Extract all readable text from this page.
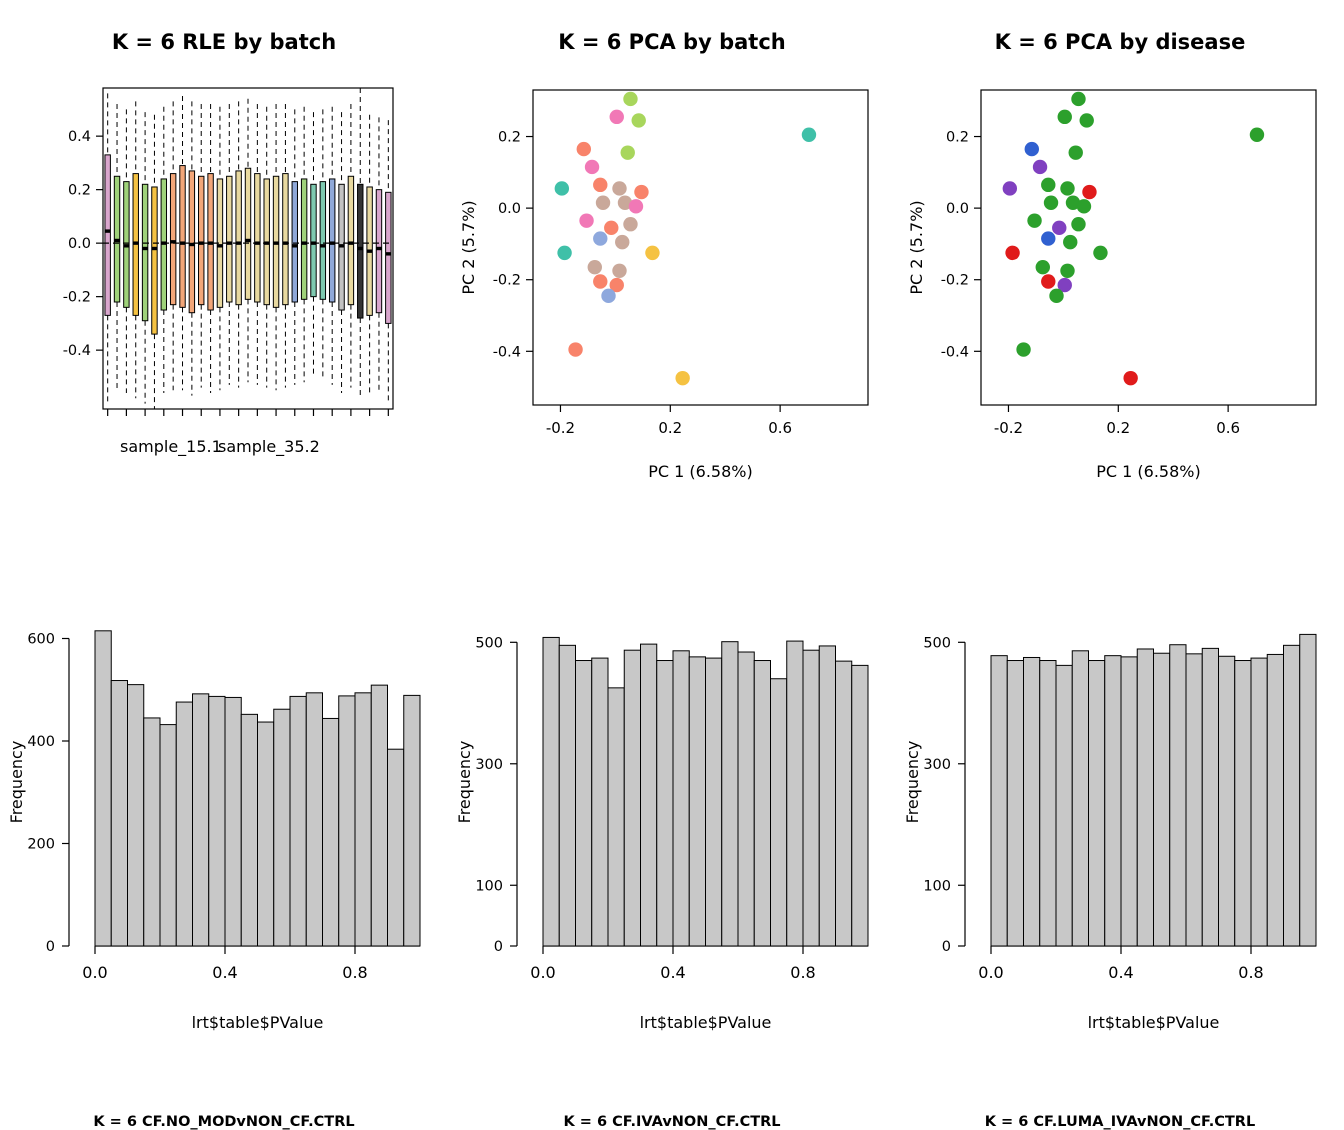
K = 6 RLE by batch
-0.4
-0.2
0.0
0.2
0.4
sample_15.1
sample_35.2
K = 6 PCA by batch
-0.4
-0.2
0.0
0.2
-0.2	0.2	0.6
PC 1 (6.58%)
PC 2 (5.7%)
K = 6 PCA by disease
-0.4
-0.2
0.0
0.2
-0.2	0.2	0.6
PC 1 (6.58%)
PC 2 (5.7%)
K = 6 CF.NO_MODvNON_CF.CTRL
0
200
400
600
0.0	0.4	0.8
lrt$table$PValue
Frequency
K = 6 CF.IVAvNON_CF.CTRL
0
100
300
500
0.0	0.4	0.8
lrt$table$PValue
Frequency
K = 6 CF.LUMA_IVAvNON_CF.CTRL
0
100
300
500
0.0	0.4	0.8
lrt$table$PValue
Frequency
